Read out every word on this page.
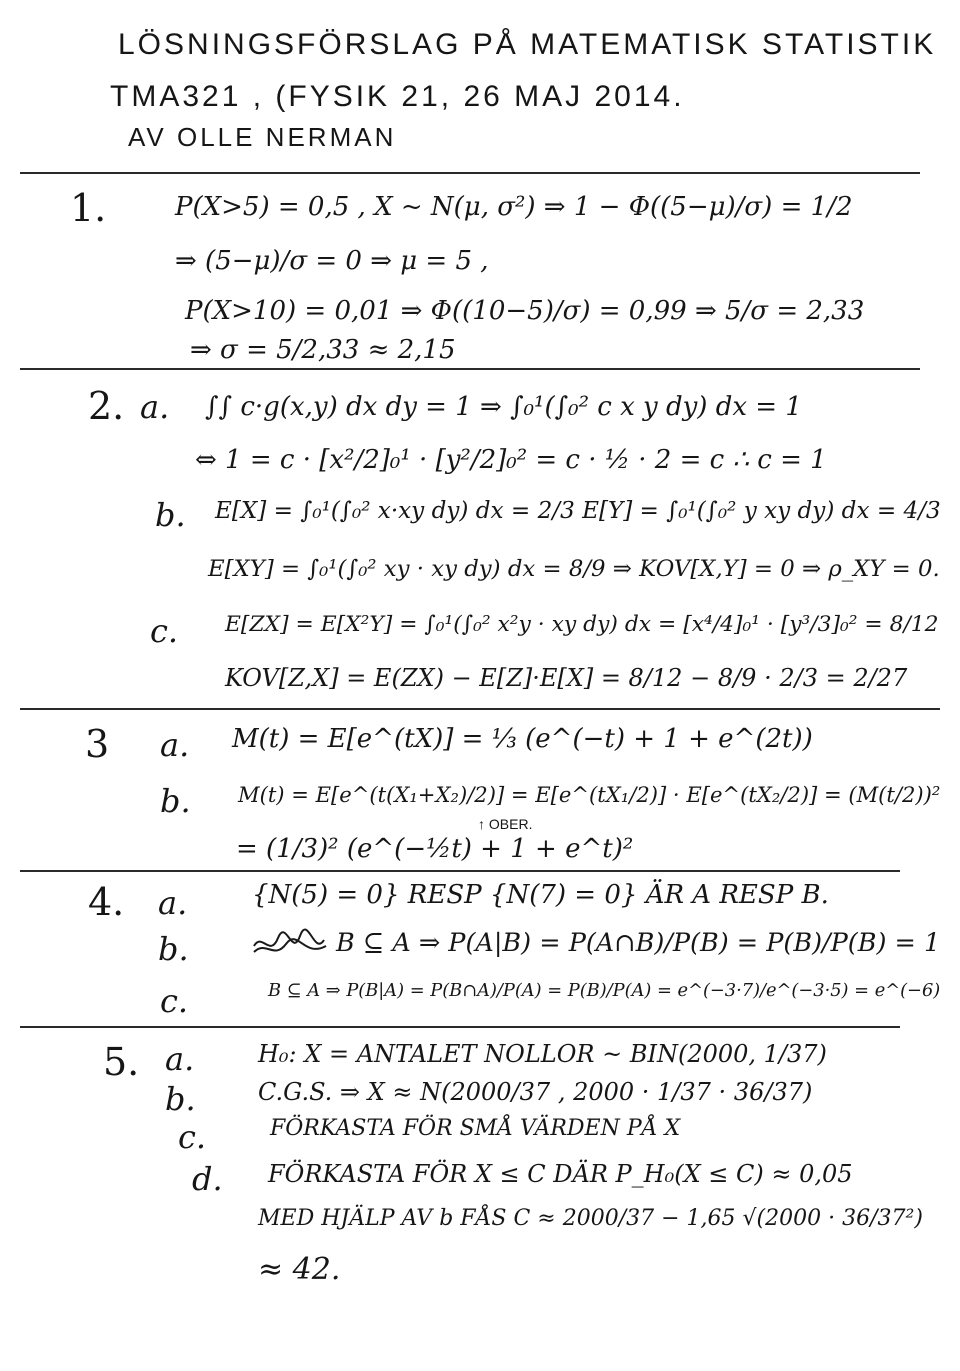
LÖSNINGSFÖRSLAG PÅ MATEMATISK STATISTIK
TMA321 , (FYSIK 21, 26 MAJ 2014.
AV OLLE NERMAN
1.	P(X>5) = 0,5 , X ~ N(μ, σ²) ⇒ 1 − Φ((5−μ)/σ) = 1/2
⇒ (5−μ)/σ = 0 ⇒ μ = 5 ,
P(X>10) = 0,01 ⇒ Φ((10−5)/σ) = 0,99 ⇒ 5/σ = 2,33
⇒ σ = 5/2,33 ≈ 2,15
2. a. ∫∫ c·g(x,y) dx dy = 1 ⇒ ∫₀¹(∫₀² c x y dy) dx = 1
⇔ 1 = c · [x²/2]₀¹ · [y²/2]₀² = c · ½ · 2 = c ∴ c = 1
b. E[X] = ∫₀¹(∫₀² x·xy dy) dx = 2/3 E[Y] = ∫₀¹(∫₀² y xy dy) dx = 4/3
E[XY] = ∫₀¹(∫₀² xy · xy dy) dx = 8/9 ⇒ KOV[X,Y] = 0 ⇒ ρ_XY = 0.
c. E[ZX] = E[X²Y] = ∫₀¹(∫₀² x²y · xy dy) dx = [x⁴/4]₀¹ · [y³/3]₀² = 8/12
KOV[Z,X] = E(ZX) − E[Z]·E[X] = 8/12 − 8/9 · 2/3 = 2/27
3 a. M(t) = E[e^(tX)] = ⅓ (e^(−t) + 1 + e^(2t))
b. M(t) = E[e^(t(X₁+X₂)/2)] = E[e^(tX₁/2)] · E[e^(tX₂/2)] = (M(t/2))²
↑ OBER.
= (1/3)² (e^(−½t) + 1 + e^t)²
4. a. {N(5) = 0} RESP {N(7) = 0} ÄR A RESP B.
b.	B ⊆ A ⇒ P(A|B) = P(A∩B)/P(B) = P(B)/P(B) = 1
c.	B ⊆ A ⇒ P(B|A) = P(B∩A)/P(A) = P(B)/P(A) = e^(−3·7)/e^(−3·5) = e^(−6)
5. a.	H₀: X = ANTALET NOLLOR ~ BIN(2000, 1/37)
b.	C.G.S. ⇒ X ≈ N(2000/37 , 2000 · 1/37 · 36/37)
c.	FÖRKASTA FÖR SMÅ VÄRDEN PÅ X
d. FÖRKASTA FÖR X ≤ C DÄR P_H₀(X ≤ C) ≈ 0,05
MED HJÄLP AV b FÅS C ≈ 2000/37 − 1,65 √(2000 · 36/37²)
≈ 42.
